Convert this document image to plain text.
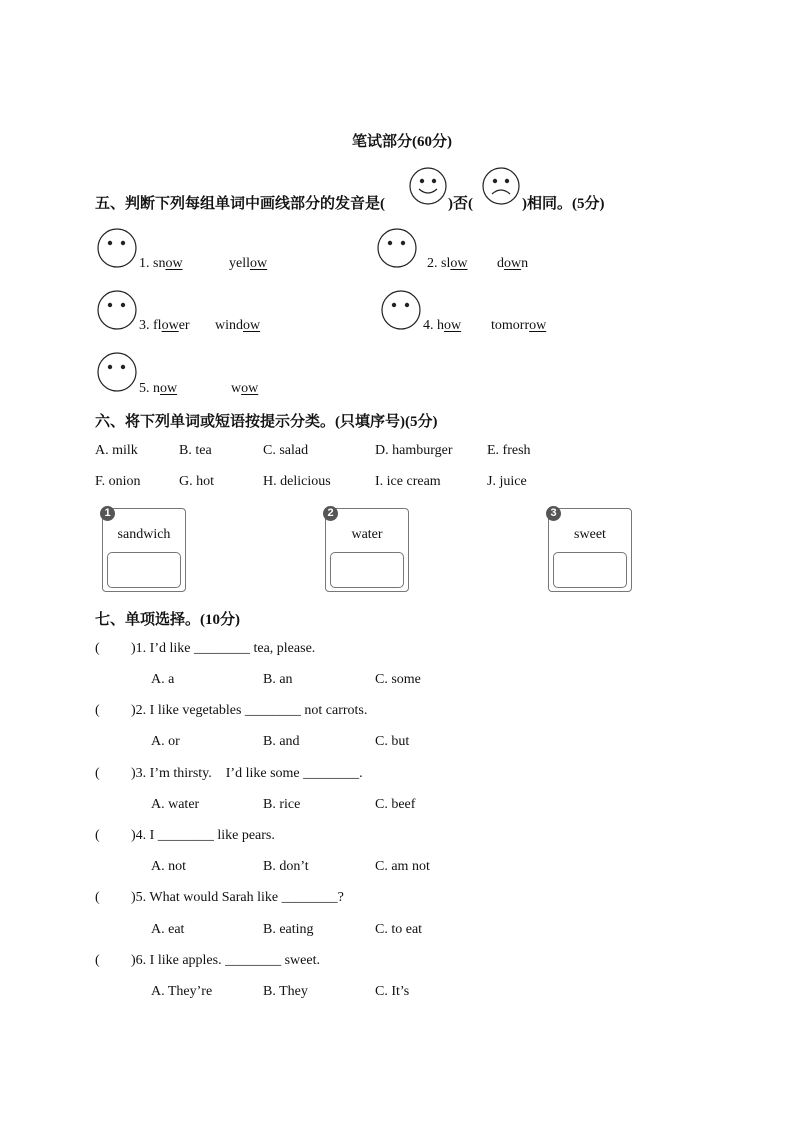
笔试部分(60分)
五、判断下列每组单词中画线部分的发音是(	)否(	)相同。(5分)
1. snow	yellow	2. slow down
3. flower window	4. how tomorrow
5. now	wow
六、将下列单词或短语按提示分类。(只填序号)(5分)
A. milk	B. tea	C. salad	D. hamburger E. fresh
F. onion	G. hot	H. delicious	I. ice cream	J. juice
sandwich
1
water
2
sweet
3
七、单项选择。(10分)
( )1. I’d like ________ tea, please.
A. a	B. an	C. some
( )2. I like vegetables ________ not carrots.
A. or	B. and	C. but
( )3. I’m thirsty.    I’d like some ________.
A. water	B. rice	C. beef
( )4. I ________ like pears.
A. not	B. don’t	C. am not
( )5. What would Sarah like ________?
A. eat	B. eating	C. to eat
( )6. I like apples. ________ sweet.
A. They’re	B. They	C. It’s
